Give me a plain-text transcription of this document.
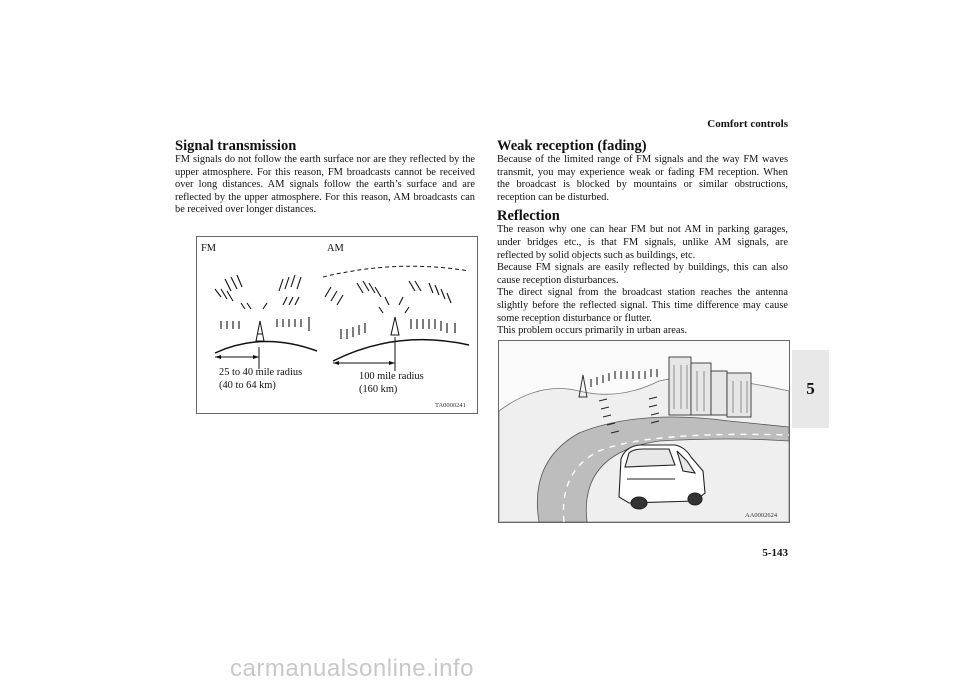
Comfort controls
5-143
5
Signal transmission

FM signals do not follow the earth surface nor are they reflected by the upper atmosphere. For this reason, FM broadcasts cannot be received over long distances. AM signals follow the earth’s surface and are reflected by the upper atmosphere. For this reason, AM broadcasts can be received over longer distances.

FM	AM
25 to 40 mile radius
(40 to 64 km)
100 mile radius
(160 km)
TA0000241
Weak reception (fading)

Because of the limited range of FM signals and the way FM waves transmit, you may experience weak or fading FM reception. When the broadcast is blocked by mountains or similar obstructions, reception can be disturbed.

Reflection

The reason why one can hear FM but not AM in parking garages, under bridges etc., is that FM signals, unlike AM signals, are reflected by solid objects such as buildings, etc.

Because FM signals are easily reflected by buildings, this can also cause reception disturbances.

The direct signal from the broadcast station reaches the antenna slightly before the reflected signal. This time difference may cause some reception disturbance or flutter.

This problem occurs primarily in urban areas.

AA0002624
carmanualsonline.info
